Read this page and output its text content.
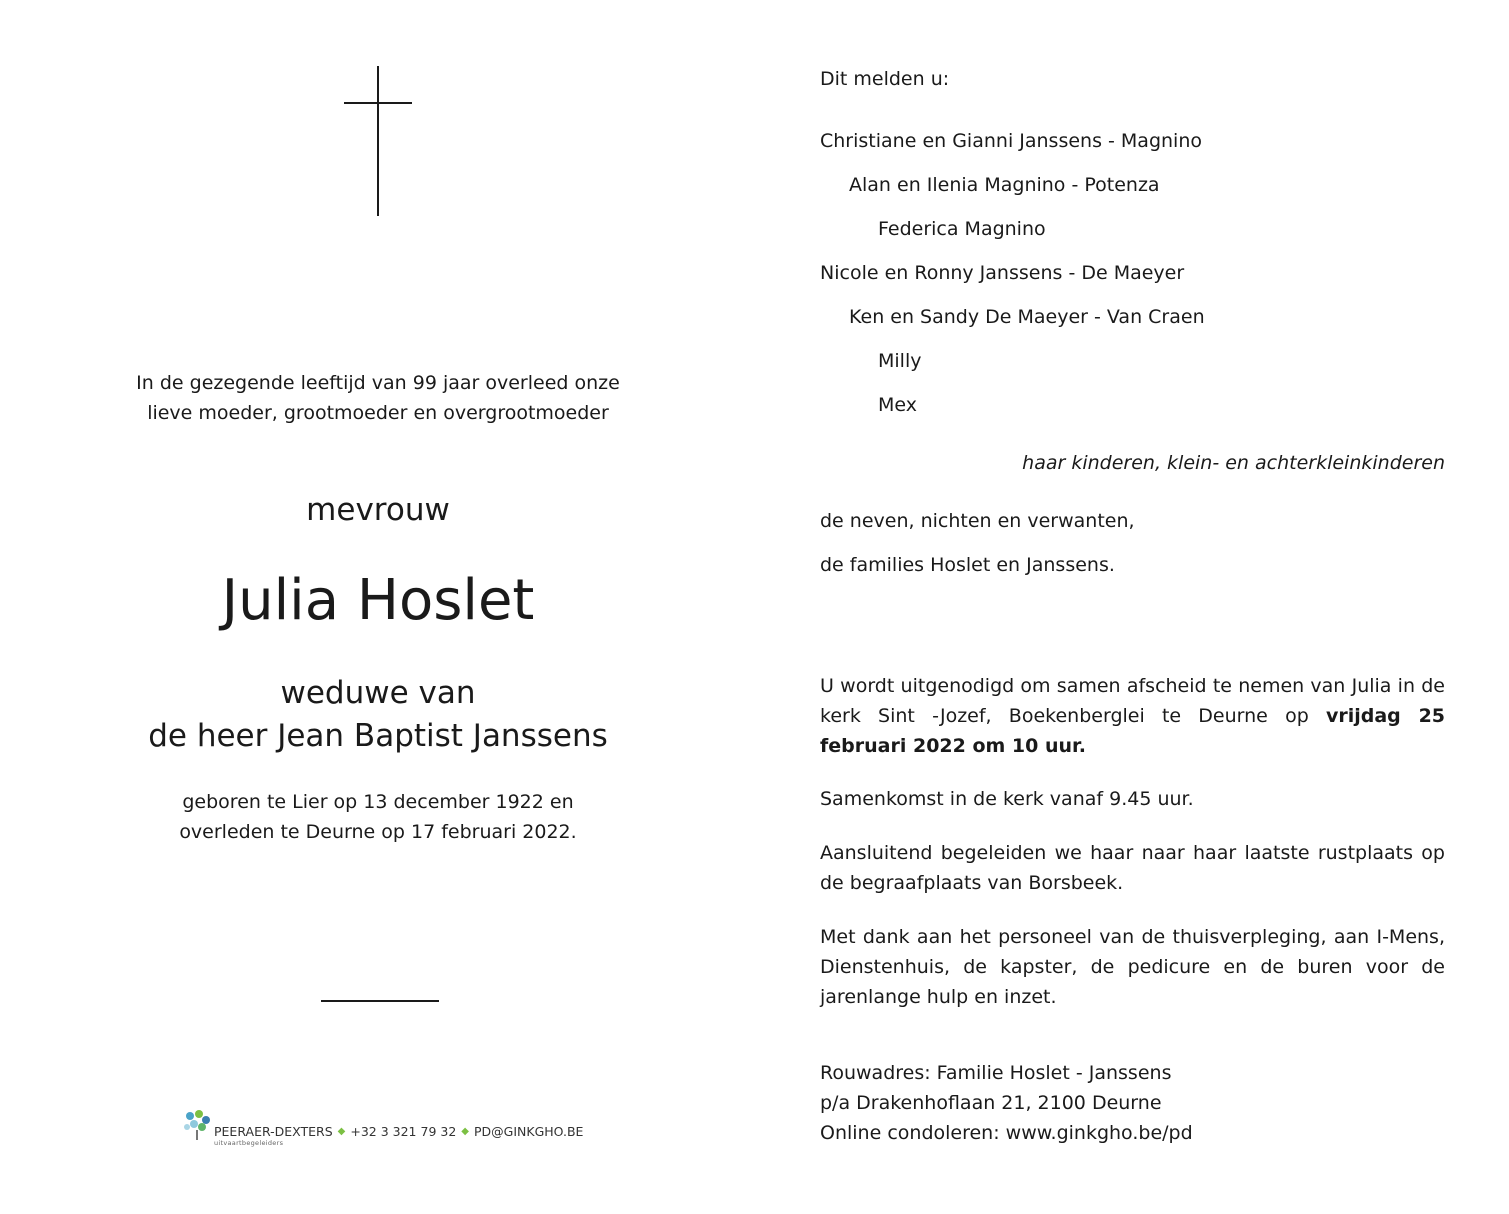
In de gezegende leeftijd van 99 jaar overleed onze
lieve moeder, grootmoeder en overgrootmoeder
mevrouw
Julia Hoslet
weduwe van
de heer Jean Baptist Janssens
geboren te Lier op 13 december 1922 en
overleden te Deurne op 17 februari 2022.
PEERAER-DEXTERS ◆ +32 3 321 79 32 ◆ PD@GINKGHO.BE
uitvaartbegeleiders
Dit melden u:
Christiane en Gianni Janssens - Magnino
Alan en Ilenia Magnino - Potenza
Federica Magnino
Nicole en Ronny Janssens - De Maeyer
Ken en Sandy De Maeyer - Van Craen
Milly
Mex
haar kinderen, klein- en achterkleinkinderen
de neven, nichten en verwanten,
de families Hoslet en Janssens.
U wordt uitgenodigd om samen afscheid te nemen van Julia in de kerk Sint -Jozef, Boekenberglei te Deurne op vrijdag 25 februari 2022 om 10 uur.
Samenkomst in de kerk vanaf 9.45 uur.
Aansluitend begeleiden we haar naar haar laatste rustplaats op de begraafplaats van Borsbeek.
Met dank aan het personeel van de thuisverpleging, aan I-Mens, Dienstenhuis, de kapster, de pedicure en de buren voor de jarenlange hulp en inzet.
Rouwadres: Familie Hoslet - Janssens
p/a Drakenhoflaan 21, 2100 Deurne
Online condoleren: www.ginkgho.be/pd
